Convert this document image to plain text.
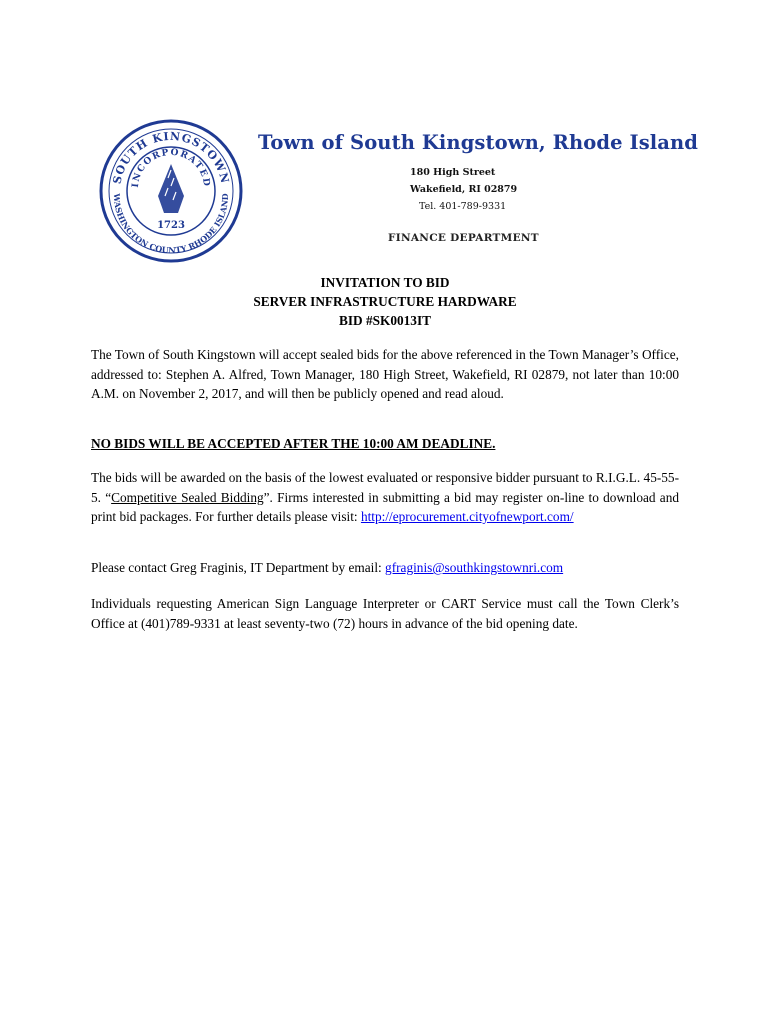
SOUTH KINGSTOWN
WASHINGTON COUNTY RHODE ISLAND
INCORPORATED
1723
Town of South Kingstown, Rhode Island
180 High Street
Wakefield, RI 02879
Tel. 401-789-9331
FINANCE DEPARTMENT
INVITATION TO BID
SERVER INFRASTRUCTURE HARDWARE
BID #SK0013IT
The Town of South Kingstown will accept sealed bids for the above referenced in the Town Manager’s Office, addressed to: Stephen A. Alfred, Town Manager, 180 High Street, Wakefield, RI 02879, not later than 10:00 A.M. on November 2, 2017, and will then be publicly opened and read aloud.
NO BIDS WILL BE ACCEPTED AFTER THE 10:00 AM DEADLINE.
The bids will be awarded on the basis of the lowest evaluated or responsive bidder pursuant to R.I.G.L. 45-55-5. “Competitive Sealed Bidding”. Firms interested in submitting a bid may register on-line to download and print bid packages. For further details please visit: http://eprocurement.cityofnewport.com/
Please contact Greg Fraginis, IT Department by email: gfraginis@southkingstownri.com
Individuals requesting American Sign Language Interpreter or CART Service must call the Town Clerk’s Office at (401)789-9331 at least seventy-two (72) hours in advance of the bid opening date.
